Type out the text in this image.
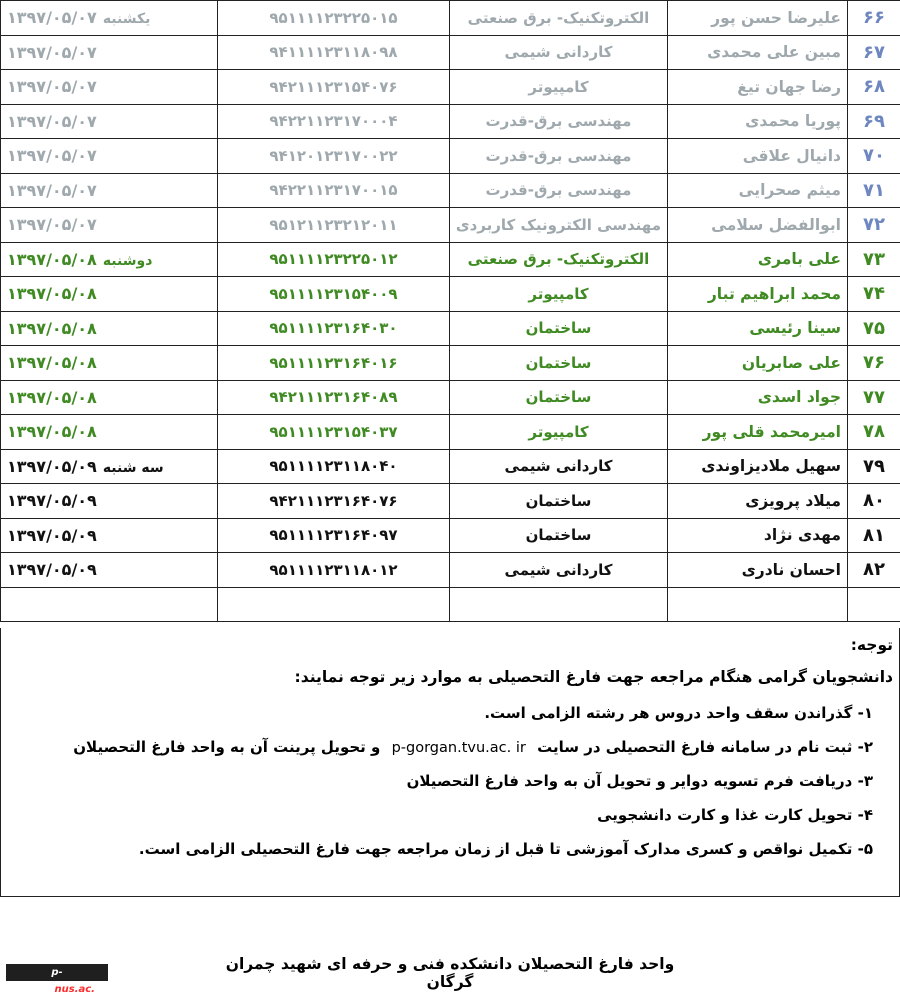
۶۶	علیرضا حسن پور	الکتروتکنیک- برق صنعتی	۹۵۱۱۱۱۲۳۲۲۵۰۱۵	یکشنبه۱۳۹۷/۰۵/۰۷
۶۷	مبین علی محمدی	کاردانی شیمی	۹۴۱۱۱۱۲۳۱۱۸۰۹۸	۱۳۹۷/۰۵/۰۷
۶۸	رضا جهان تیغ	کامپیوتر	۹۴۲۱۱۱۲۳۱۵۴۰۷۶	۱۳۹۷/۰۵/۰۷
۶۹	پوریا محمدی	مهندسی برق-قدرت	۹۴۲۲۱۱۲۳۱۷۰۰۰۴	۱۳۹۷/۰۵/۰۷
۷۰	دانیال علاقی	مهندسی برق-قدرت	۹۴۱۲۰۱۲۳۱۷۰۰۲۲	۱۳۹۷/۰۵/۰۷
۷۱	میثم صحرایی	مهندسی برق-قدرت	۹۴۲۲۱۱۲۳۱۷۰۰۱۵	۱۳۹۷/۰۵/۰۷
۷۲	ابوالفضل سلامی	مهندسی الکترونیک کاربردی	۹۵۱۲۱۱۲۳۲۱۲۰۱۱	۱۳۹۷/۰۵/۰۷
۷۳	علی بامری	الکتروتکنیک- برق صنعتی	۹۵۱۱۱۱۲۳۲۲۵۰۱۲	دوشنبه۱۳۹۷/۰۵/۰۸
۷۴	محمد ابراهیم تبار	کامپیوتر	۹۵۱۱۱۱۲۳۱۵۴۰۰۹	۱۳۹۷/۰۵/۰۸
۷۵	سینا رئیسی	ساختمان	۹۵۱۱۱۱۲۳۱۶۴۰۳۰	۱۳۹۷/۰۵/۰۸
۷۶	علی صابریان	ساختمان	۹۵۱۱۱۱۲۳۱۶۴۰۱۶	۱۳۹۷/۰۵/۰۸
۷۷	جواد اسدی	ساختمان	۹۴۲۱۱۱۲۳۱۶۴۰۸۹	۱۳۹۷/۰۵/۰۸
۷۸	امیرمحمد قلی پور	کامپیوتر	۹۵۱۱۱۱۲۳۱۵۴۰۳۷	۱۳۹۷/۰۵/۰۸
۷۹	سهیل ملادیزاوندی	کاردانی شیمی	۹۵۱۱۱۱۲۳۱۱۸۰۴۰	سه شنبه۱۳۹۷/۰۵/۰۹
۸۰	میلاد پرویزی	ساختمان	۹۴۲۱۱۱۲۳۱۶۴۰۷۶	۱۳۹۷/۰۵/۰۹
۸۱	مهدی نژاد	ساختمان	۹۵۱۱۱۱۲۳۱۶۴۰۹۷	۱۳۹۷/۰۵/۰۹
۸۲	احسان نادری	کاردانی شیمی	۹۵۱۱۱۱۲۳۱۱۸۰۱۲	۱۳۹۷/۰۵/۰۹

توجه:
دانشجویان گرامی هنگام مراجعه جهت فارغ التحصیلی به موارد زیر توجه نمایند:
۱- گذراندن سقف واحد دروس هر رشته الزامی است.
۲- ثبت نام در سامانه فارغ التحصیلی در سایت p-gorgan.tvu.ac. ir و تحویل پرینت آن به واحد فارغ التحصیلان
۳- دریافت فرم تسویه دوایر و تحویل آن به واحد فارغ التحصیلان
۴- تحویل کارت غذا و کارت دانشجویی
۵- تکمیل نواقص و کسری مدارک آموزشی تا قبل از زمان مراجعه جهت فارغ التحصیلی الزامی است.
واحد فارغ التحصیلان دانشکده فنی و حرفه ای شهید چمران گرگان
p-gorgan.nus.ac.ir
